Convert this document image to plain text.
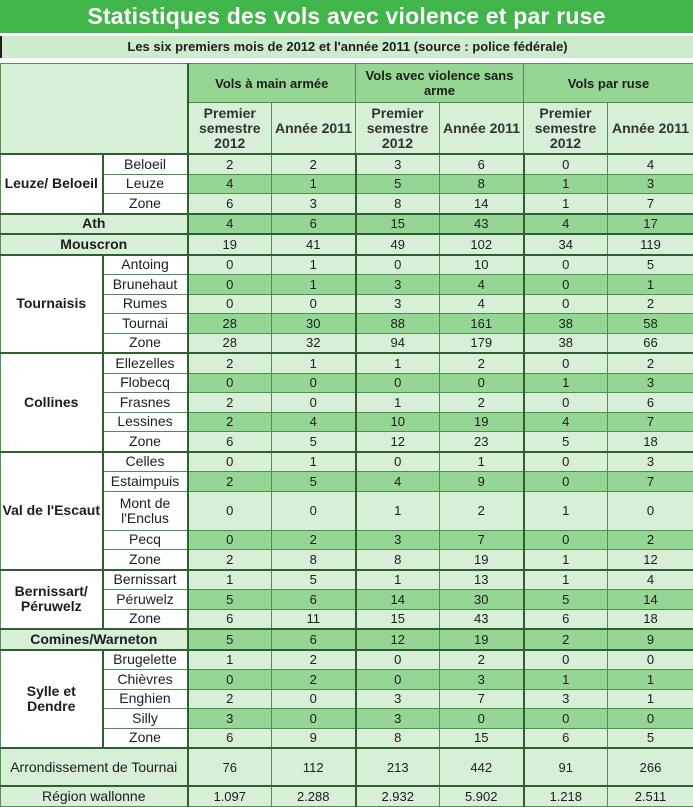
Statistiques des vols avec violence et par ruse
Les six premiers mois de 2012 et l'année 2011 (source : police fédérale)
		Vols à main armée		Vols avec violence sans arme		Vols par ruse	
		Premier semestre 2012	Année 2011	Premier semestre 2012	Année 2011	Premier semestre 2012	Année 2011
Leuze/ Beloeil	Beloeil	2	2	3	6	0	4
	Leuze	4	1	5	8	1	3
	Zone	6	3	8	14	1	7
Ath		4	6	15	43	4	17
Mouscron		19	41	49	102	34	119
Tournaisis	Antoing	0	1	0	10	0	5
	Brunehaut	0	1	3	4	0	1
	Rumes	0	0	3	4	0	2
	Tournai	28	30	88	161	38	58
	Zone	28	32	94	179	38	66
Collines	Ellezelles	2	1	1	2	0	2
	Flobecq	0	0	0	0	1	3
	Frasnes	2	0	1	2	0	6
	Lessines	2	4	10	19	4	7
	Zone	6	5	12	23	5	18
Val de l'Escaut	Celles	0	1	0	1	0	3
	Estaimpuis	2	5	4	9	0	7
	Mont de l'Enclus	0	0	1	2	1	0
	Pecq	0	2	3	7	0	2
	Zone	2	8	8	19	1	12
Bernissart/ Péruwelz	Bernissart	1	5	1	13	1	4
	Péruwelz	5	6	14	30	5	14
	Zone	6	11	15	43	6	18
Comines/Warneton		5	6	12	19	2	9
Sylle et Dendre	Brugelette	1	2	0	2	0	0
	Chièvres	0	2	0	3	1	1
	Enghien	2	0	3	7	3	1
	Silly	3	0	3	0	0	0
	Zone	6	9	8	15	6	5
Arrondissement de Tournai		76	112	213	442	91	266
Région wallonne		1.097	2.288	2.932	5.902	1.218	2.511
